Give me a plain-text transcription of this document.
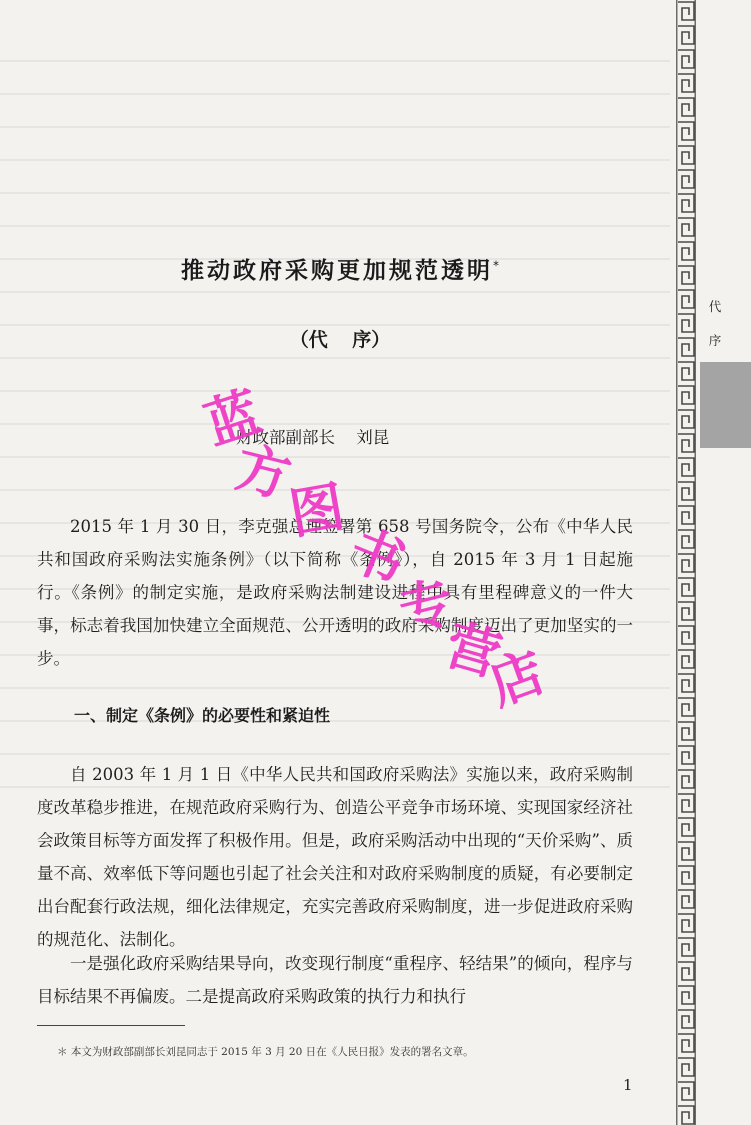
推动政府采购更加规范透明*
（代 序）
财政部副部长 刘昆

2015 年 1 月 30 日，李克强总理签署第 658 号国务院令，公布《中华人民共和国政府采购法实施条例》（以下简称《条例》），自 2015 年 3 月 1 日起施行。《条例》的制定实施，是政府采购法制建设进程中具有里程碑意义的一件大事，标志着我国加快建立全面规范、公开透明的政府采购制度迈出了更加坚实的一步。

一、制定《条例》的必要性和紧迫性

自 2003 年 1 月 1 日《中华人民共和国政府采购法》实施以来，政府采购制度改革稳步推进，在规范政府采购行为、创造公平竞争市场环境、实现国家经济社会政策目标等方面发挥了积极作用。但是，政府采购活动中出现的“天价采购”、质量不高、效率低下等问题也引起了社会关注和对政府采购制度的质疑，有必要制定出台配套行政法规，细化法律规定，充实完善政府采购制度，进一步促进政府采购的规范化、法制化。

一是强化政府采购结果导向，改变现行制度“重程序、轻结果”的倾向，程序与目标结果不再偏废。二是提高政府采购政策的执行力和执行

＊ 本文为财政部副部长刘昆同志于 2015 年 3 月 20 日在《人民日报》发表的署名文章。
1
代
序
蓝
方
图
书
专
营
店
